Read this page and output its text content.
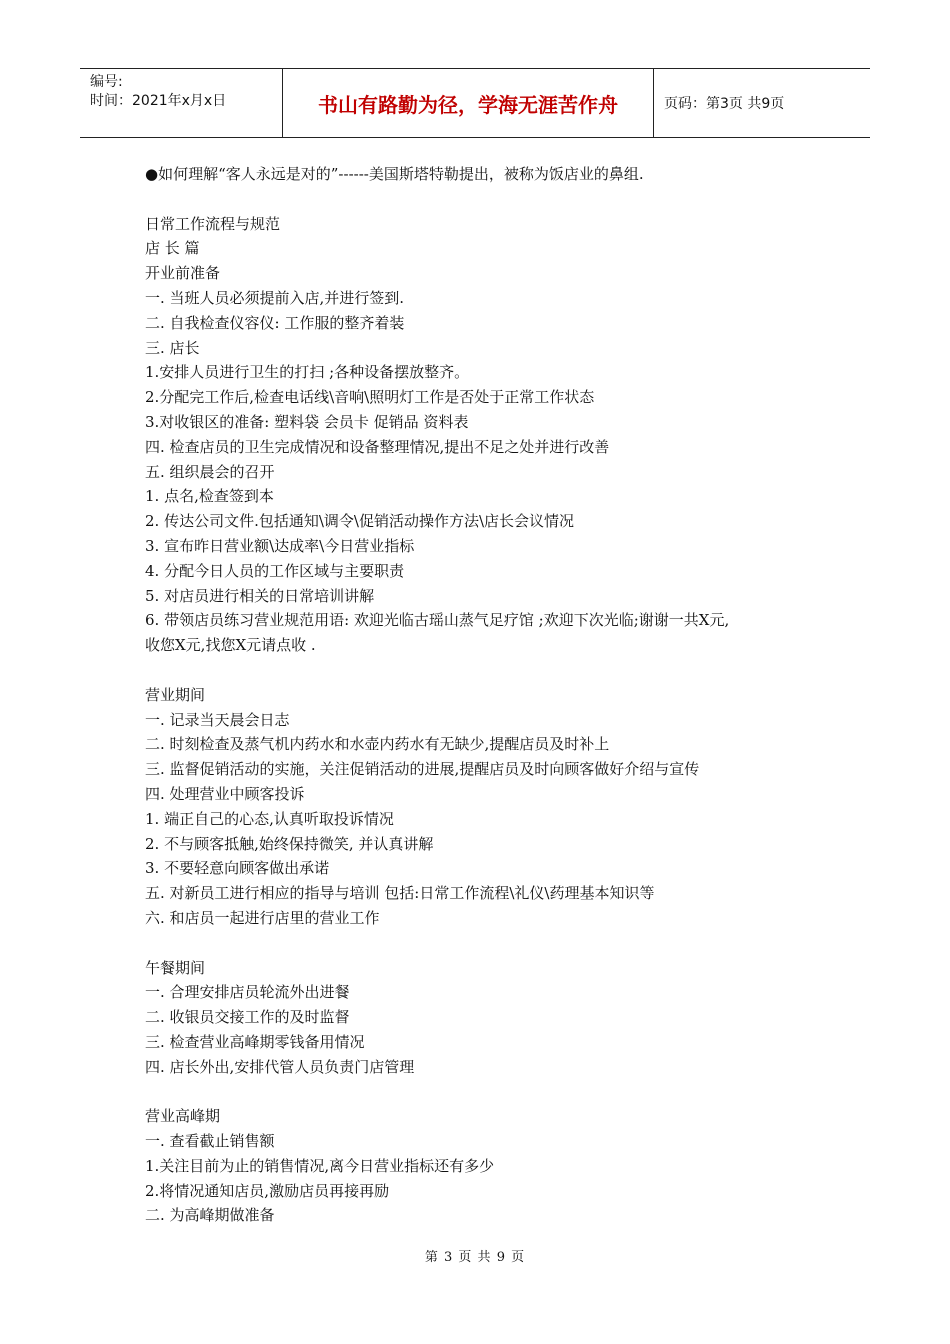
编号:
时间：2021年x月x日	书山有路勤为径，学海无涯苦作舟	页码：第3页 共9页
●如何理解“客人永远是对的”------美国斯塔特勒提出，被称为饭店业的鼻组.
日常工作流程与规范
店 长 篇
开业前准备
一. 当班人员必须提前入店,并进行签到.
二. 自我检查仪容仪: 工作服的整齐着装
三. 店长
1.安排人员进行卫生的打扫 ;各种设备摆放整齐。
2.分配完工作后,检查电话线\音响\照明灯工作是否处于正常工作状态
3.对收银区的准备: 塑料袋 会员卡 促销品 资料表
四. 检查店员的卫生完成情况和设备整理情况,提出不足之处并进行改善
五. 组织晨会的召开
1. 点名,检查签到本
2. 传达公司文件.包括通知\调令\促销活动操作方法\店长会议情况
3. 宣布昨日营业额\达成率\今日营业指标
4. 分配今日人员的工作区域与主要职责
5. 对店员进行相关的日常培训讲解
6. 带领店员练习营业规范用语: 欢迎光临古瑶山蒸气足疗馆 ;欢迎下次光临;谢谢一共X元,
收您X元,找您X元请点收 .
营业期间
一. 记录当天晨会日志
二. 时刻检查及蒸气机内药水和水壶内药水有无缺少,提醒店员及时补上
三. 监督促销活动的实施，关注促销活动的进展,提醒店员及时向顾客做好介绍与宣传
四. 处理营业中顾客投诉
1. 端正自己的心态,认真听取投诉情况
2. 不与顾客抵触,始终保持微笑, 并认真讲解
3. 不要轻意向顾客做出承诺
五. 对新员工进行相应的指导与培训 包括:日常工作流程\礼仪\药理基本知识等
六. 和店员一起进行店里的营业工作
午餐期间
一. 合理安排店员轮流外出进餐
二. 收银员交接工作的及时监督
三. 检查营业高峰期零钱备用情况
四. 店长外出,安排代管人员负责门店管理
营业高峰期
一. 查看截止销售额
1.关注目前为止的销售情况,离今日营业指标还有多少
2.将情况通知店员,激励店员再接再励
二. 为高峰期做准备
第 3 页 共 9 页
